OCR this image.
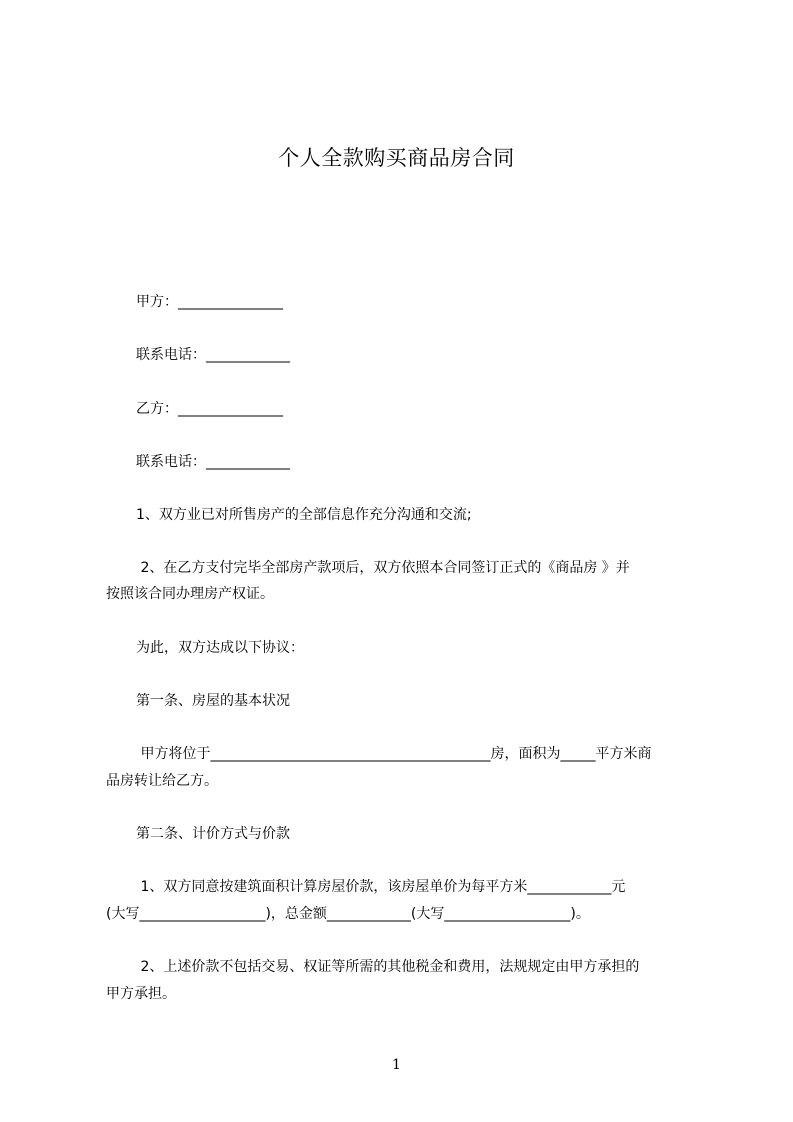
个人全款购买商品房合同
甲方：_______________
联系电话：____________
乙方：_______________
联系电话：____________
1、双方业已对所售房产的全部信息作充分沟通和交流;
2、在乙方支付完毕全部房产款项后，双方依照本合同签订正式的《商品房 》并
按照该合同办理房产权证。
为此，双方达成以下协议：
第一条、房屋的基本状况
甲方将位于________________________________________房，面积为_____平方米商
品房转让给乙方。
第二条、计价方式与价款
1、双方同意按建筑面积计算房屋价款，该房屋单价为每平方米____________元
(大写__________________)，总金额____________(大写__________________)。
2、上述价款不包括交易、权证等所需的其他税金和费用，法规规定由甲方承担的
甲方承担。
1
